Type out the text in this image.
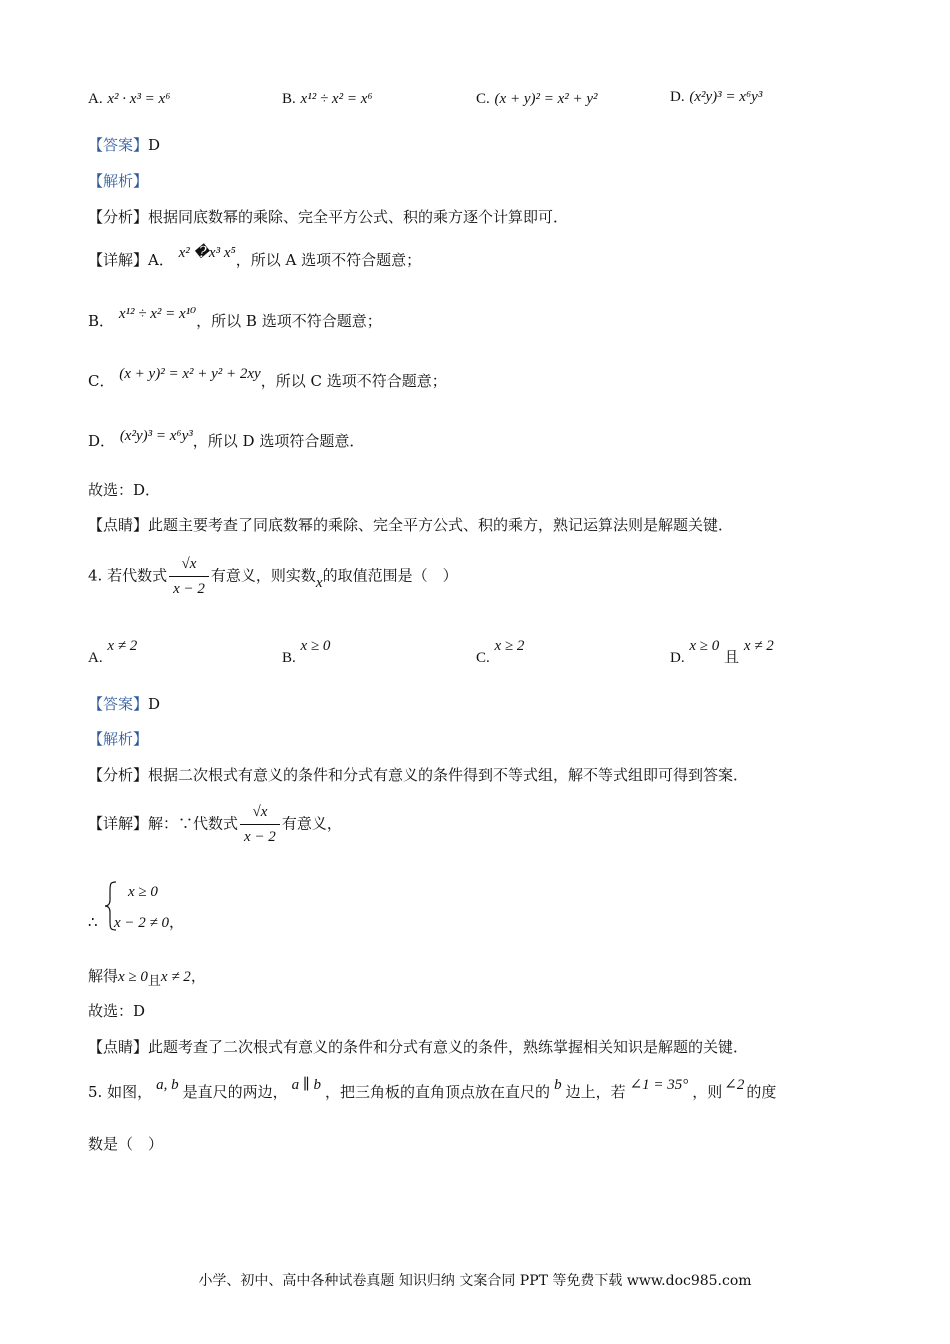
A. x² · x³ = x⁶	B. x¹² ÷ x² = x⁶	C. (x + y)² = x² + y²	D. (x²y)³ = x⁶y³
【答案】D
【解析】
【分析】根据同底数幂的乘除、完全平方公式、积的乘方逐个计算即可．
【详解】A． x² �x³ x⁵，所以 A 选项不符合题意；
B． x¹² ÷ x² = x¹⁰，所以 B 选项不符合题意；
C． (x + y)² = x² + y² + 2xy，所以 C 选项不符合题意；
D． (x²y)³ = x⁶y³，所以 D 选项符合题意．
故选：D．
【点睛】此题主要考查了同底数幂的乘除、完全平方公式、积的乘方，熟记运算法则是解题关键．
4. 若代数式 $\frac{√x}{x - 2}$ 有意义，则实数x的取值范围是（　）
A. x ≠ 2
B. x ≥ 0
C. x ≥ 2
D. x ≥ 0 且 x ≠ 2
【答案】D
【解析】
【分析】根据二次根式有意义的条件和分式有意义的条件得到不等式组，解不等式组即可得到答案．
【详解】解：∵代数式 $\frac{√x}{x - 2}$ 有意义，
∴
x ≥ 0
x − 2 ≠ 0，
解得x ≥ 0且x ≠ 2，
故选：D
【点睛】此题考查了二次根式有意义的条件和分式有意义的条件，熟练掌握相关知识是解题的关键．
5. 如图， a, b 是直尺的两边， a ∥ b ，把三角板的直角顶点放在直尺的 b 边上，若 ∠1 = 35° ，则 ∠2 的度
数是（　）
小学、初中、高中各种试卷真题 知识归纳 文案合同 PPT 等免费下载 www.doc985.com
